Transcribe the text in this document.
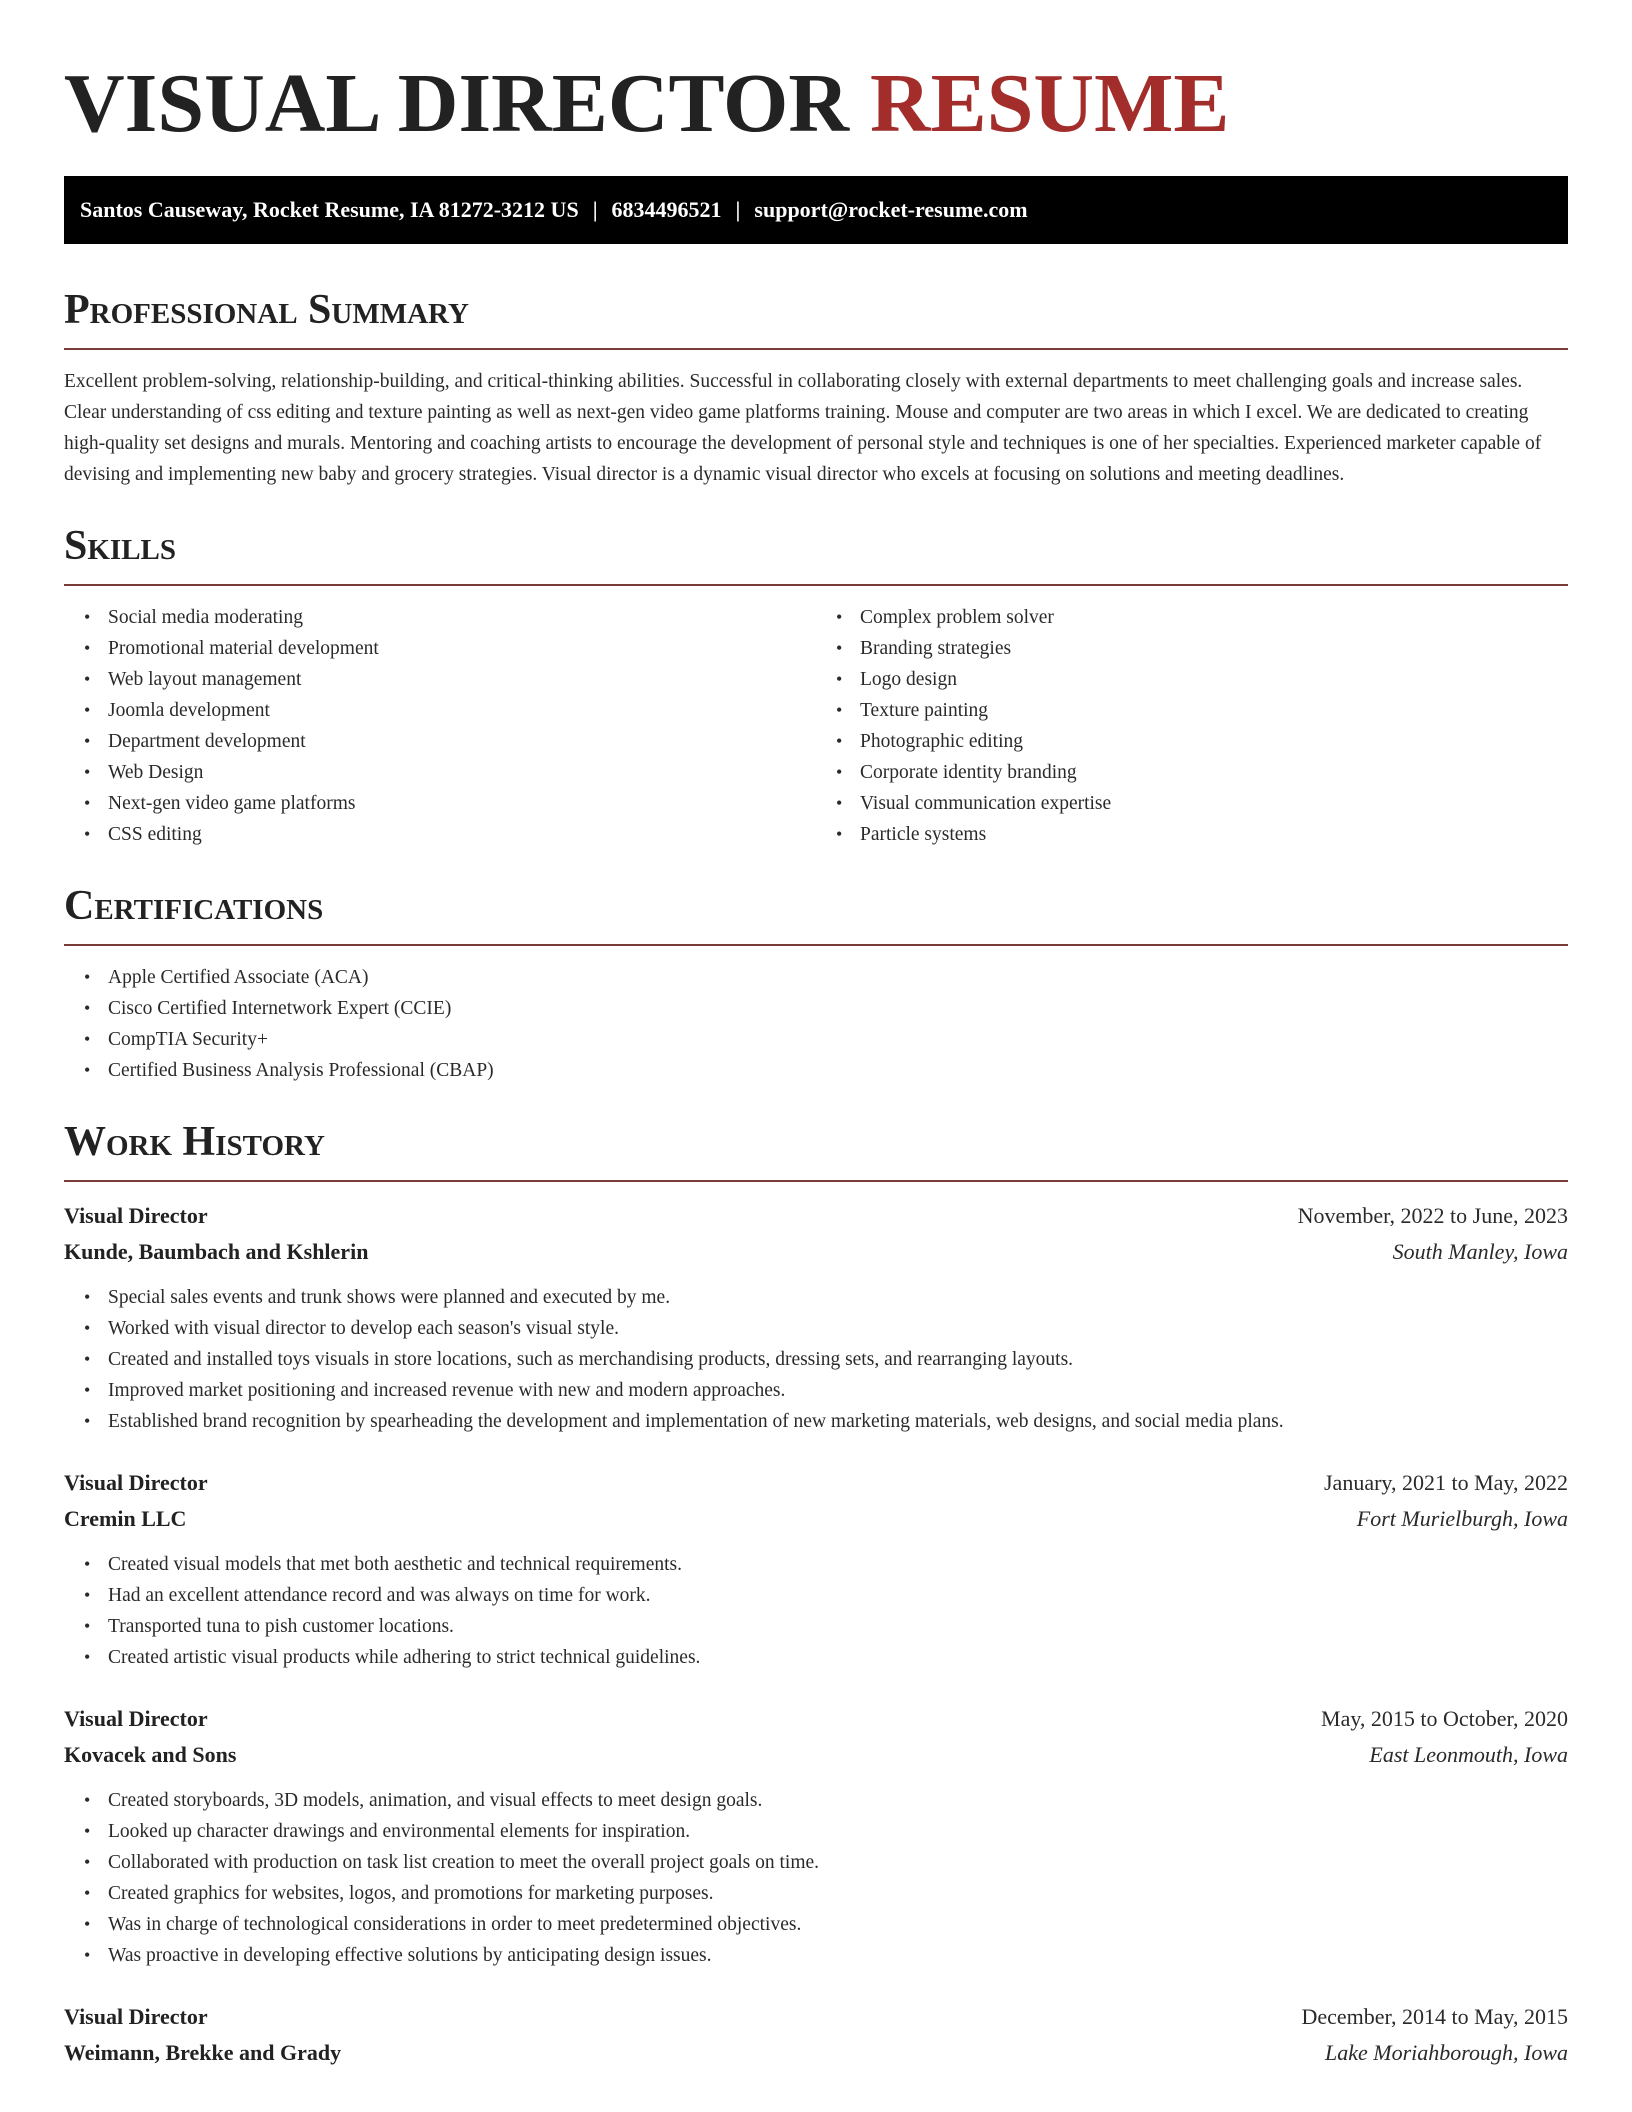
VISUAL DIRECTOR RESUME
Santos Causeway, Rocket Resume, IA 81272-3212 US | 6834496521 | support@rocket-resume.com
Professional Summary

Excellent problem-solving, relationship-building, and critical-thinking abilities. Successful in collaborating closely with external departments to meet challenging goals and increase sales. Clear understanding of css editing and texture painting as well as next-gen video game platforms training. Mouse and computer are two areas in which I excel. We are dedicated to creating high-quality set designs and murals. Mentoring and coaching artists to encourage the development of personal style and techniques is one of her specialties. Experienced marketer capable of devising and implementing new baby and grocery strategies. Visual director is a dynamic visual director who excels at focusing on solutions and meeting deadlines.

Skills
• Social media moderating
• Promotional material development
• Web layout management
• Joomla development
• Department development
• Web Design
• Next-gen video game platforms
• CSS editing
• Complex problem solver
• Branding strategies
• Logo design
• Texture painting
• Photographic editing
• Corporate identity branding
• Visual communication expertise
• Particle systems
Certifications
• Apple Certified Associate (ACA)
• Cisco Certified Internetwork Expert (CCIE)
• CompTIA Security+
• Certified Business Analysis Professional (CBAP)
Work History
Visual Director	November, 2022 to June, 2023
Kunde, Baumbach and Kshlerin	South Manley, Iowa
• Special sales events and trunk shows were planned and executed by me.
• Worked with visual director to develop each season's visual style.
• Created and installed toys visuals in store locations, such as merchandising products, dressing sets, and rearranging layouts.
• Improved market positioning and increased revenue with new and modern approaches.
• Established brand recognition by spearheading the development and implementation of new marketing materials, web designs, and social media plans.
Visual Director	January, 2021 to May, 2022
Cremin LLC	Fort Murielburgh, Iowa
• Created visual models that met both aesthetic and technical requirements.
• Had an excellent attendance record and was always on time for work.
• Transported tuna to pish customer locations.
• Created artistic visual products while adhering to strict technical guidelines.
Visual Director	May, 2015 to October, 2020
Kovacek and Sons	East Leonmouth, Iowa
• Created storyboards, 3D models, animation, and visual effects to meet design goals.
• Looked up character drawings and environmental elements for inspiration.
• Collaborated with production on task list creation to meet the overall project goals on time.
• Created graphics for websites, logos, and promotions for marketing purposes.
• Was in charge of technological considerations in order to meet predetermined objectives.
• Was proactive in developing effective solutions by anticipating design issues.
Visual Director	December, 2014 to May, 2015
Weimann, Brekke and Grady	Lake Moriahborough, Iowa
